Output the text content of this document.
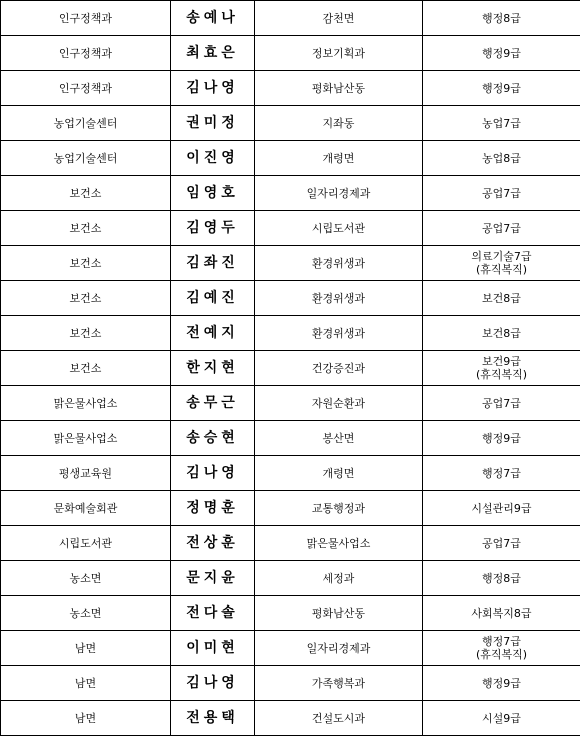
인구정책과	송예나	감천면	행정8급

인구정책과	최효은	정보기획과	행정9급

인구정책과	김나영	평화남산동	행정9급

농업기술센터	권미정	지좌동	농업7급

농업기술센터	이진영	개령면	농업8급

보건소	임영호	일자리경제과	공업7급

보건소	김영두	시립도서관	공업7급

보건소	김좌진	환경위생과	의료기술7급
(휴직복직)

보건소	김예진	환경위생과	보건8급

보건소	전예지	환경위생과	보건8급

보건소	한지현	건강증진과	보건9급
(휴직복직)

맑은물사업소	송무근	자원순환과	공업7급

맑은물사업소	송승현	봉산면	행정9급

평생교육원	김나영	개령면	행정7급

문화예술회관	정명훈	교통행정과	시설관리9급

시립도서관	전상훈	맑은물사업소	공업7급

농소면	문지윤	세정과	행정8급

농소면	전다솔	평화남산동	사회복지8급

남면	이미현	일자리경제과	행정7급
(휴직복직)

남면	김나영	가족행복과	행정9급

남면	전용택	건설도시과	시설9급
